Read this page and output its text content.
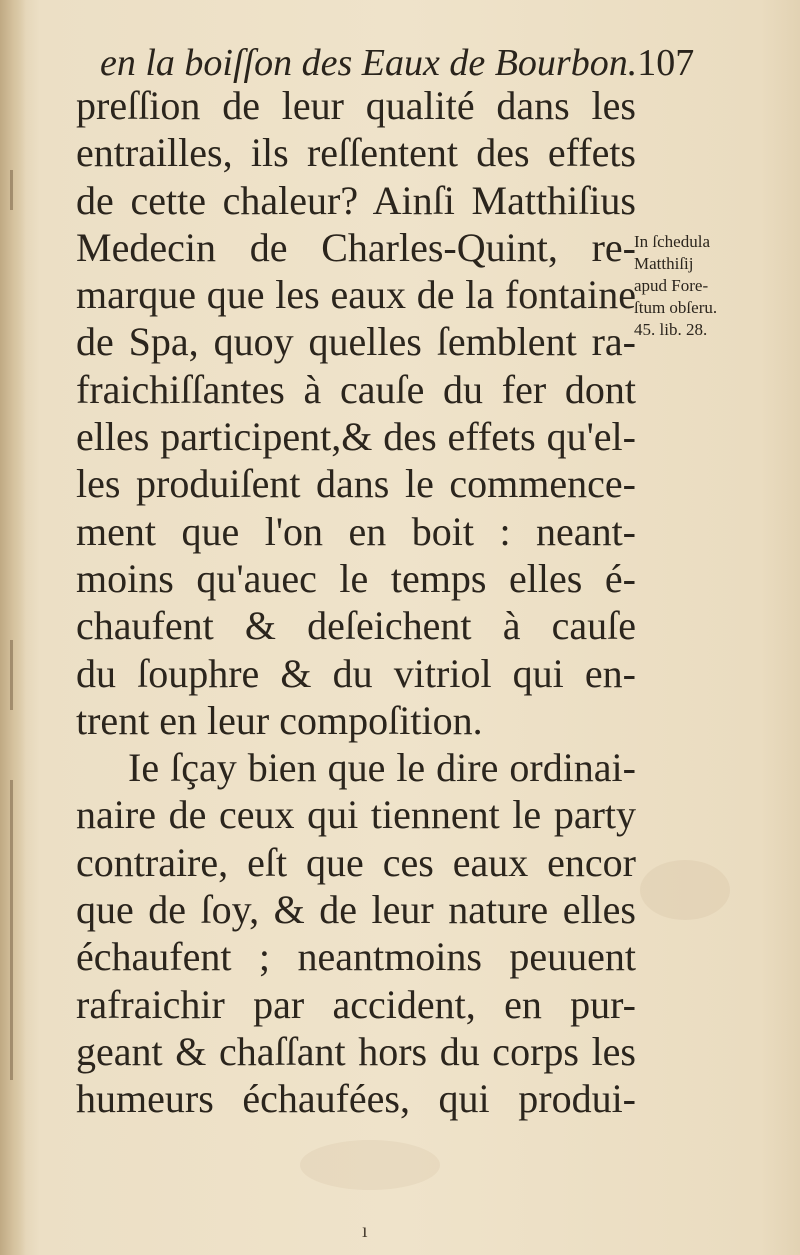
en la boiſſon des Eaux de Bourbon.107
preſſion de leur qualité dans les
entrailles, ils reſſentent des effets
de cette chaleur? Ainſi Matthiſius
Medecin de Charles-Quint, re-
marque que les eaux de la fontaine
de Spa, quoy quelles ſemblent ra-
fraichiſſantes à cauſe du fer dont
elles participent,& des effets qu'el-
les produiſent dans le commence-
ment que l'on en boit : neant-
moins qu'auec le temps elles é-
chaufent & deſeichent à cauſe
du ſouphre & du vitriol qui en-
trent en leur compoſition.
Ie ſçay bien que le dire ordinai-
naire de ceux qui tiennent le party
contraire, eſt que ces eaux encor
que de ſoy, & de leur nature elles
échaufent ; neantmoins peuuent
rafraichir par accident, en pur-
geant & chaſſant hors du corps les
humeurs échaufées, qui produi-
In ſchedula
Matthiſij
apud Fore-
ſtum obſeru.
45. lib. 28.
ı
